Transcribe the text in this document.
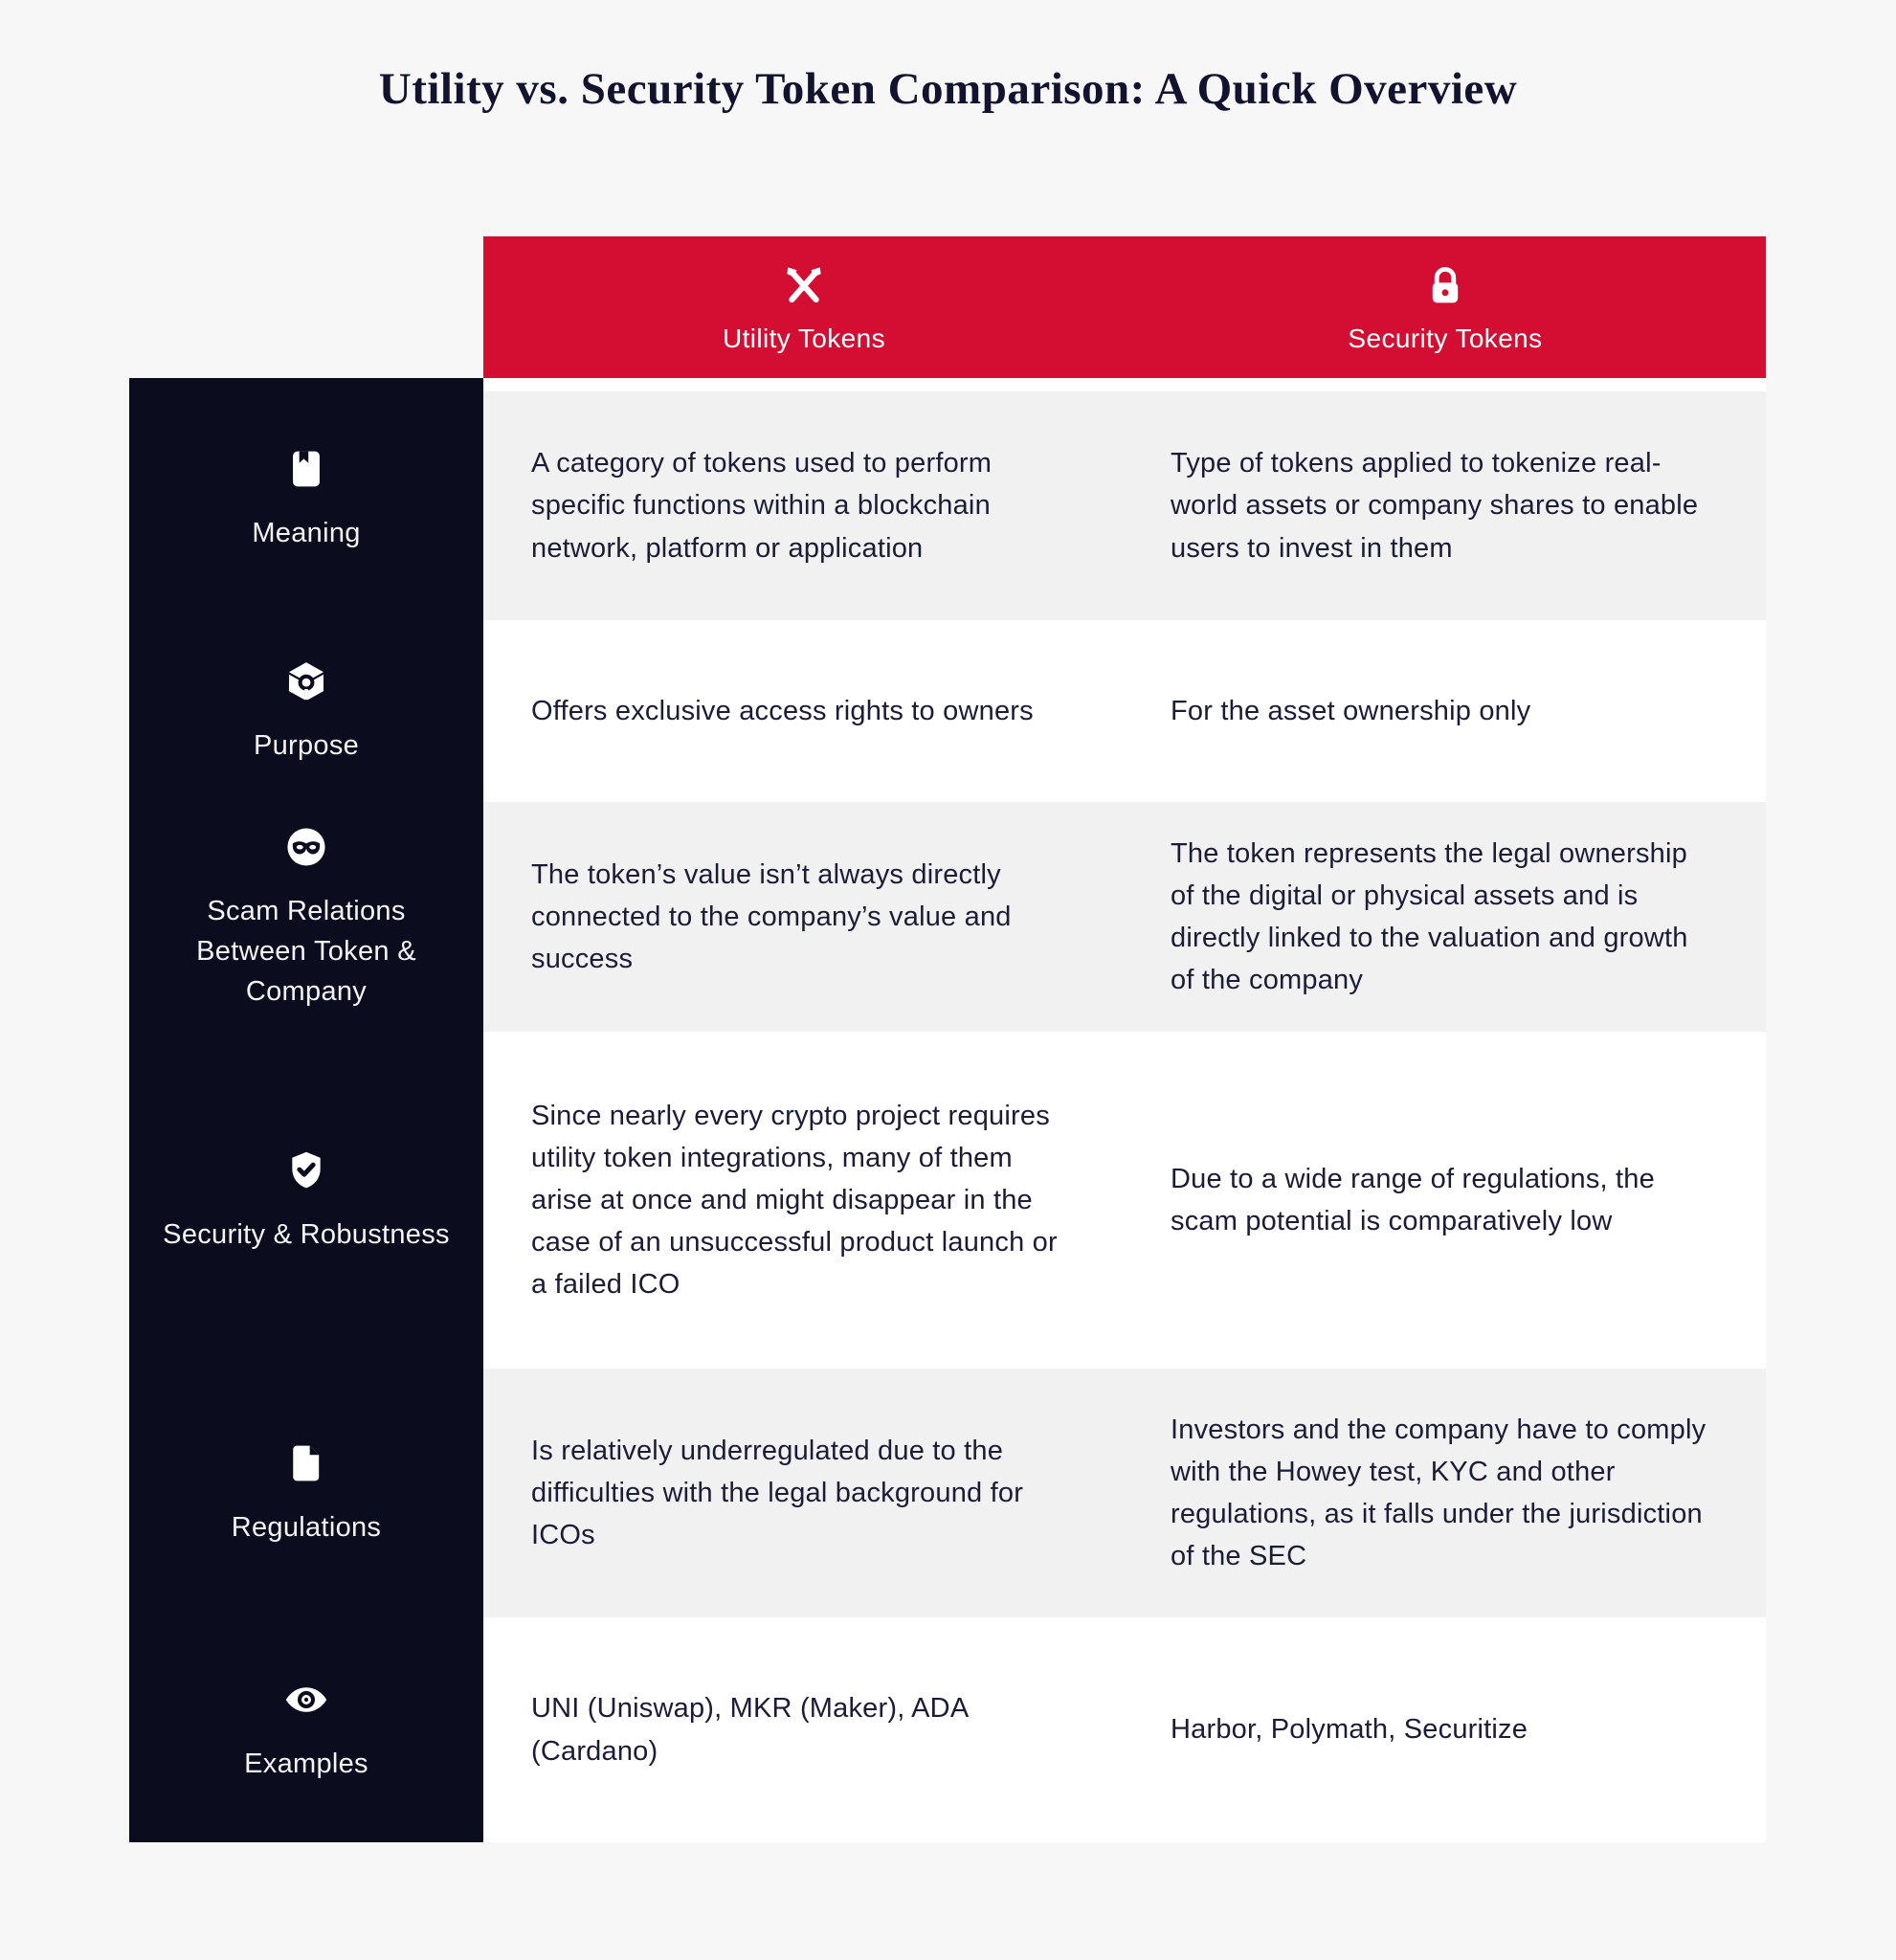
Utility vs. Security Token Comparison: A Quick Overview
Utility Tokens	Security Tokens
Meaning
Purpose
Scam Relations Between Token & Company
Security & Robustness
Regulations
Examples
A category of tokens used to perform specific functions within a blockchain network, platform or application
Type of tokens applied to tokenize real-world assets or company shares to enable users to invest in them
Offers exclusive access rights to owners	For the asset ownership only
The token’s value isn’t always directly connected to the company’s value and success
The token represents the legal ownership of the digital or physical assets and is directly linked to the valuation and growth of the company
Since nearly every crypto project requires utility token integrations, many of them arise at once and might disappear in the case of an unsuccessful product launch or a failed ICO
Due to a wide range of regulations, the scam potential is comparatively low
Is relatively underregulated due to the difficulties with the legal background for ICOs
Investors and the company have to comply with the Howey test, KYC and other regulations, as it falls under the jurisdiction of the SEC
UNI (Uniswap), MKR (Maker), ADA (Cardano)
Harbor, Polymath, Securitize
